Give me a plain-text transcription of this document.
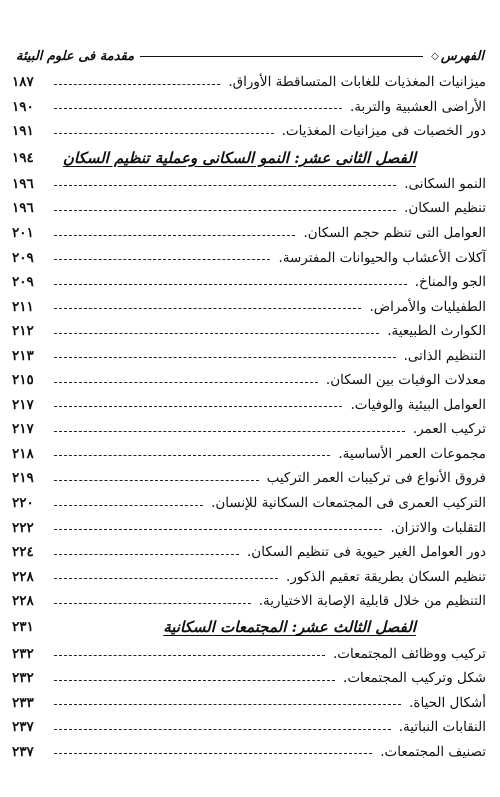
الفهرس
◇
مقدمة فى علوم البيئة
ميزانيات المغذيات للغابات المتساقطة الأوراق.
١٨٧
الأراضى العشبية والتربة.
١٩٠
دور الخصبات فى ميزانيات المغذيات.
١٩١
الفصل الثانى عشر: النمو السكانى وعملية تنظيم السكان
١٩٤
النمو السكانى.
١٩٦
تنظيم السكان.
١٩٦
العوامل التى تنظم حجم السكان.
٢٠١
آكلات الأعشاب والحيوانات المفترسة.
٢٠٩
الجو والمناخ.
٢٠٩
الطفيليات والأمراض.
٢١١
الكوارث الطبيعية.
٢١٢
التنظيم الذاتى.
٢١٣
معدلات الوفيات بين السكان.
٢١٥
العوامل البيئية والوفيات.
٢١٧
تركيب العمر.
٢١٧
مجموعات العمر الأساسية.
٢١٨
فروق الأنواع فى تركيبات العمر التركيب
٢١٩
التركيب العمرى فى المجتمعات السكانية للإنسان.
٢٢٠
التقلبات والاتزان.
٢٢٢
دور العوامل الغير حيوية فى تنظيم السكان.
٢٢٤
تنظيم السكان بطريقة تعقيم الذكور.
٢٢٨
التنظيم من خلال قابلية الإصابة الاختيارية.
٢٢٨
الفصل الثالث عشر: المجتمعات السكانية
٢٣١
تركيب ووظائف المجتمعات.
٢٣٢
شكل وتركيب المجتمعات.
٢٣٢
أشكال الحياة.
٢٣٣
النقابات النباتية.
٢٣٧
تصنيف المجتمعات.
٢٣٧
